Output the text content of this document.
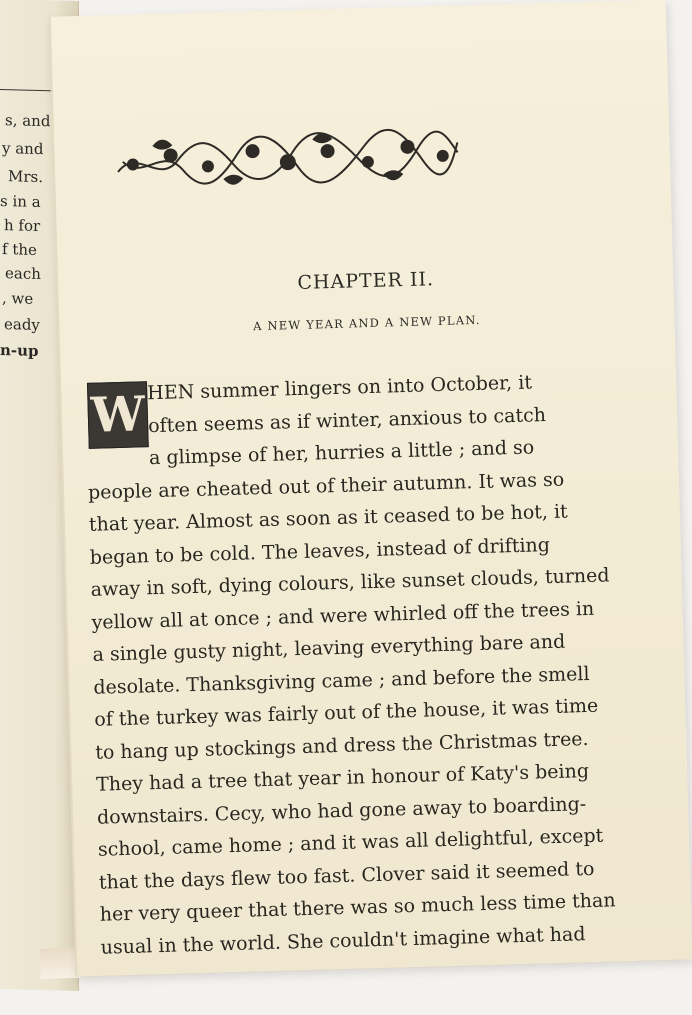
s, and
y and
Mrs.
s in a
h for
f the
each
, we
eady
n-up
CHAPTER II.
A NEW YEAR AND A NEW PLAN.
W HEN summer lingers on into October, it
often seems as if winter, anxious to catch
a glimpse of her, hurries a little ; and so
people are cheated out of their autumn. It was so
that year. Almost as soon as it ceased to be hot, it
began to be cold. The leaves, instead of drifting
away in soft, dying colours, like sunset clouds, turned
yellow all at once ; and were whirled off the trees in
a single gusty night, leaving everything bare and
desolate. Thanksgiving came ; and before the smell
of the turkey was fairly out of the house, it was time
to hang up stockings and dress the Christmas tree.
They had a tree that year in honour of Katy's being
downstairs. Cecy, who had gone away to boarding-
school, came home ; and it was all delightful, except
that the days flew too fast. Clover said it seemed to
her very queer that there was so much less time than
usual in the world. She couldn't imagine what had
